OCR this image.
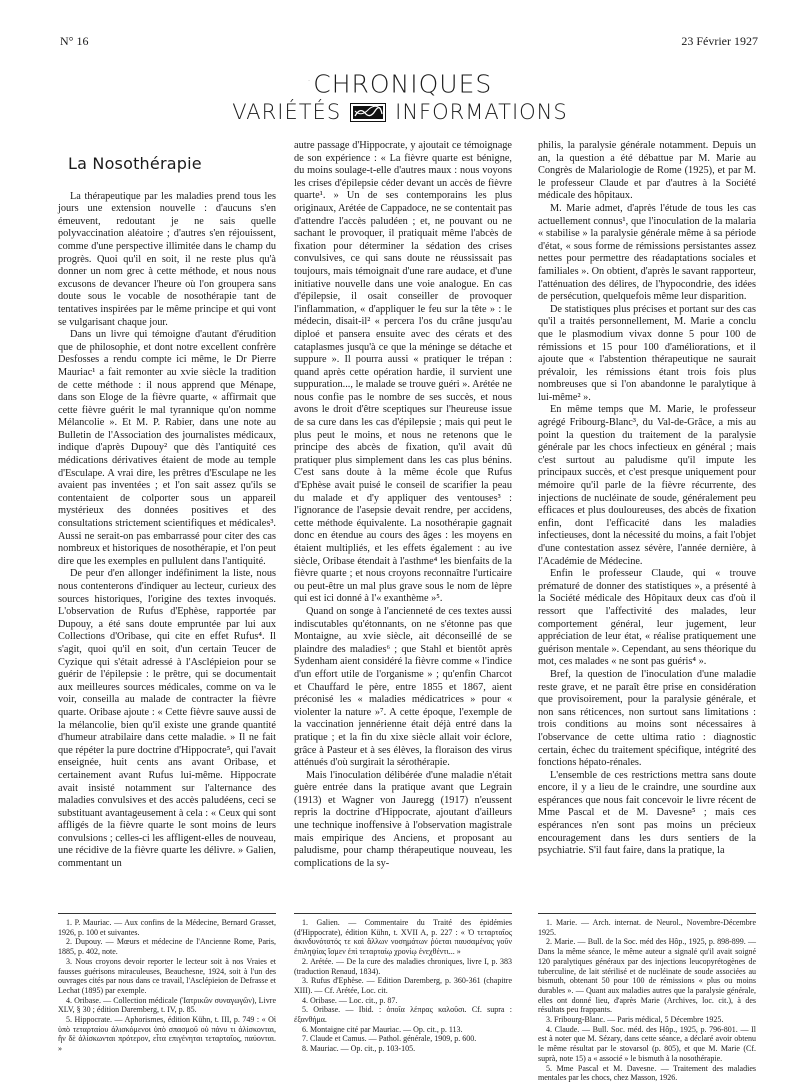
N° 16	23 Février 1927
·CHRONIQUES
VARIÉTÉS	INFORMATIONS
La Nosothérapie

La thérapeutique par les maladies prend tous les jours une extension nouvelle : d'aucuns s'en émeuvent, redoutant je ne sais quelle polyvaccination aléatoire ; d'autres s'en réjouissent, comme d'une perspective illimitée dans le champ du progrès. Quoi qu'il en soit, il ne reste plus qu'à donner un nom grec à cette méthode, et nous nous excusons de devancer l'heure où l'on groupera sans doute sous le vocable de nosothérapie tant de tentatives inspirées par le même principe et qui vont se vulgarisant chaque jour.

Dans un livre qui témoigne d'autant d'érudition que de philosophie, et dont notre excellent confrère Desfosses a rendu compte ici même, le Dr Pierre Mauriac¹ a fait remonter au xvie siècle la tradition de cette méthode : il nous apprend que Ménape, dans son Eloge de la fièvre quarte, « affirmait que cette fièvre guérit le mal tyrannique qu'on nomme Mélancolie ». Et M. P. Rabier, dans une note au Bulletin de l'Association des journalistes médicaux, indique d'après Dupouy² que dès l'antiquité ces médications dérivatives étaient de mode au temple d'Esculape. A vrai dire, les prêtres d'Esculape ne les avaient pas inventées ; et l'on sait assez qu'ils se contentaient de colporter sous un appareil mystérieux des données positives et des consultations strictement scientifiques et médicales³. Aussi ne serait-on pas embarrassé pour citer des cas nombreux et historiques de nosothérapie, et l'on peut dire que les exemples en pullulent dans l'antiquité.

De peur d'en allonger indéfiniment la liste, nous nous contenterons d'indiquer au lecteur, curieux des sources historiques, l'origine des textes invoqués. L'observation de Rufus d'Ephèse, rapportée par Dupouy, a été sans doute empruntée par lui aux Collections d'Oribase, qui cite en effet Rufus⁴. Il s'agit, quoi qu'il en soit, d'un certain Teucer de Cyzique qui s'était adressé à l'Asclépieion pour se guérir de l'épilepsie : le prêtre, qui se documentait aux meilleures sources médicales, comme on va le voir, conseilla au malade de contracter la fièvre quarte. Oribase ajoute : « Cette fièvre sauve aussi de la mélancolie, bien qu'il existe une grande quantité d'humeur atrabilaire dans cette maladie. » Il ne fait que répéter la pure doctrine d'Hippocrate⁵, qui l'avait enseignée, huit cents ans avant Oribase, et certainement avant Rufus lui-même. Hippocrate avait insisté notamment sur l'alternance des maladies convulsives et des accès paludéens, ceci se substituant avantageusement à cela : « Ceux qui sont affligés de la fièvre quarte le sont moins de leurs convulsions ; celles-ci les affligent-elles de nouveau, une récidive de la fièvre quarte les délivre. » Galien, commentant un

autre passage d'Hippocrate, y ajoutait ce témoignage de son expérience : « La fièvre quarte est bénigne, du moins soulage-t-elle d'autres maux : nous voyons les crises d'épilepsie céder devant un accès de fièvre quarte¹. » Un de ses contemporains les plus originaux, Arétée de Cappadoce, ne se contentait pas d'attendre l'accès paludéen ; et, ne pouvant ou ne sachant le provoquer, il pratiquait même l'abcès de fixation pour déterminer la sédation des crises convulsives, ce qui sans doute ne réussissait pas toujours, mais témoignait d'une rare audace, et d'une initiative nouvelle dans une voie analogue. En cas d'épilepsie, il osait conseiller de provoquer l'inflammation, « d'appliquer le feu sur la tête » : le médecin, disait-il² « percera l'os du crâne jusqu'au diploé et pansera ensuite avec des cérats et des cataplasmes jusqu'à ce que la méninge se détache et suppure ». Il pourra aussi « pratiquer le trépan : quand après cette opération hardie, il survient une suppuration..., le malade se trouve guéri ». Arétée ne nous confie pas le nombre de ses succès, et nous avons le droit d'être sceptiques sur l'heureuse issue de sa cure dans les cas d'épilepsie ; mais qui peut le plus peut le moins, et nous ne retenons que le principe des abcès de fixation, qu'il avait dû pratiquer plus simplement dans les cas plus bénins. C'est sans doute à la même école que Rufus d'Ephèse avait puisé le conseil de scarifier la peau du malade et d'y appliquer des ventouses³ : l'ignorance de l'asepsie devait rendre, per accidens, cette méthode équivalente. La nosothérapie gagnait donc en étendue au cours des âges : les moyens en étaient multipliés, et les effets également : au ive siècle, Oribase étendait à l'asthme⁴ les bienfaits de la fièvre quarte ; et nous croyons reconnaître l'urticaire ou peut-être un mal plus grave sous le nom de lèpre qui est ici donné à l'« exanthème »⁵.

Quand on songe à l'ancienneté de ces textes aussi indiscutables qu'étonnants, on ne s'étonne pas que Montaigne, au xvie siècle, ait déconseillé de se plaindre des maladies⁶ ; que Stahl et bientôt après Sydenham aient considéré la fièvre comme « l'indice d'un effort utile de l'organisme » ; qu'enfin Charcot et Chauffard le père, entre 1855 et 1867, aient préconisé les « maladies médicatrices » pour « violenter la nature »⁷. A cette époque, l'exemple de la vaccination jennérienne était déjà entré dans la pratique ; et la fin du xixe siècle allait voir éclore, grâce à Pasteur et à ses élèves, la floraison des virus atténués d'où surgirait la sérothérapie.

Mais l'inoculation délibérée d'une maladie n'était guère entrée dans la pratique avant que Legrain (1913) et Wagner von Jauregg (1917) n'eussent repris la doctrine d'Hippocrate, ajoutant d'ailleurs une technique inoffensive à l'observation magistrale mais empirique des Anciens, et proposant au paludisme, pour champ thérapeutique nouveau, les complications de la sy-

philis, la paralysie générale notamment. Depuis un an, la question a été débattue par M. Marie au Congrès de Malariologie de Rome (1925), et par M. le professeur Claude et par d'autres à la Société médicale des hôpitaux.

M. Marie admet, d'après l'étude de tous les cas actuellement connus¹, que l'inoculation de la malaria « stabilise » la paralysie générale même à sa période d'état, « sous forme de rémissions persistantes assez nettes pour permettre des réadaptations sociales et familiales ». On obtient, d'après le savant rapporteur, l'atténuation des délires, de l'hypocondrie, des idées de persécution, quelquefois même leur disparition.

De statistiques plus précises et portant sur des cas qu'il a traités personnellement, M. Marie a conclu que le plasmodium vivax donne 5 pour 100 de rémissions et 15 pour 100 d'améliorations, et il ajoute que « l'abstention thérapeutique ne saurait prévaloir, les rémissions étant trois fois plus nombreuses que si l'on abandonne le paralytique à lui-même² ».

En même temps que M. Marie, le professeur agrégé Fribourg-Blanc³, du Val-de-Grâce, a mis au point la question du traitement de la paralysie générale par les chocs infectieux en général ; mais c'est surtout au paludisme qu'il impute les principaux succès, et c'est presque uniquement pour mémoire qu'il parle de la fièvre récurrente, des injections de nucléinate de soude, généralement peu efficaces et plus douloureuses, des abcès de fixation enfin, dont l'efficacité dans les maladies infectieuses, dont la nécessité du moins, a fait l'objet d'une contestation assez sévère, l'année dernière, à l'Académie de Médecine.

Enfin le professeur Claude, qui « trouve prématuré de donner des statistiques », a présenté à la Société médicale des Hôpitaux deux cas d'où il ressort que l'affectivité des malades, leur comportement général, leur jugement, leur appréciation de leur état, « réalise pratiquement une guérison mentale ». Cependant, au sens théorique du mot, ces malades « ne sont pas guéris⁴ ».

Bref, la question de l'inoculation d'une maladie reste grave, et ne paraît être prise en considération que provisoirement, pour la paralysie générale, et non sans réticences, non surtout sans limitations : trois conditions au moins sont nécessaires à l'observance de cette ultima ratio : diagnostic certain, échec du traitement spécifique, intégrité des fonctions hépato-rénales.

L'ensemble de ces restrictions mettra sans doute encore, il y a lieu de le craindre, une sourdine aux espérances que nous fait concevoir le livre récent de Mme Pascal et de M. Davesne⁵ ; mais ces espérances n'en sont pas moins un précieux encouragement dans les durs sentiers de la psychiatrie. S'il faut faire, dans la pratique, la

1. P. Mauriac. — Aux confins de la Médecine, Bernard Grasset, 1926, p. 100 et suivantes.
2. Dupouy. — Mœurs et médecine de l'Ancienne Rome, Paris, 1885, p. 402, note.
3. Nous croyons devoir reporter le lecteur soit à nos Vraies et fausses guérisons miraculeuses, Beauchesne, 1924, soit à l'un des ouvrages cités par nous dans ce travail, l'Asclépieion de Defrasse et Lechat (1895) par exemple.
4. Oribase. — Collection médicale (Ἰατρικῶν συναγωγῶν), Livre XLV, § 30 ; édition Daremberg, t. IV, p. 85.
5. Hippocrate. — Aphorismes, édition Kühn, t. III, p. 749 : « Οἱ ὑπὸ τεταρταίου ἀλισκόμενοι ὑπὸ σπασμοῦ οὐ πάνυ τι ἁλίσκονται, ἢν δὲ ἁλίσκωνται πρότερον, εἶτα επιγένηται τεταρταῖος, παύονται. »
1. Galien. — Commentaire du Traité des épidémies (d'Hippocrate), édition Kühn, t. XVII A, p. 227 : « Ὁ τεταρταῖος ἀκινδυνότατός τε καὶ ἄλλων νοσημάτων ῥύεται παυσαμένας γοῦν ἐπιληψίας ἴσμεν ἐπὶ τεταρταίῳ χρονίῳ ἐνεχθέντι... »
2. Arétée. — De la cure des maladies chroniques, livre I, p. 383 (traduction Renaud, 1834).
3. Rufus d'Ephèse. — Edition Daremberg, p. 360-361 (chapitre XIII). — Cf. Arétée, Loc. cit.
4. Oribase. — Loc. cit., p. 87.
5. Oribase. — Ibid. : ὁποῖα λέπρας καλοῦσι. Cf. supra : ἐξανθήμα.
6. Montaigne cité par Mauriac. — Op. cit., p. 113.
7. Claude et Camus. — Pathol. générale, 1909, p. 600.
8. Mauriac. — Op. cit., p. 103-105.
1. Marie. — Arch. internat. de Neurol., Novembre-Décembre 1925.
2. Marie. — Bull. de la Soc. méd des Hôp., 1925, p. 898-899. — Dans la même séance, le même auteur a signalé qu'il avait soigné 120 paralytiques généraux par des injections leucopyrétogènes de tuberculine, de lait stérilisé et de nucléinate de soude associées au bismuth, obtenant 50 pour 100 de rémissions « plus ou moins durables ». — Quant aux maladies autres que la paralysie générale, elles ont donné lieu, d'après Marie (Archives, loc. cit.), à des résultats peu frappants.
3. Fribourg-Blanc. — Paris médical, 5 Décembre 1925.
4. Claude. — Bull. Soc. méd. des Hôp., 1925, p. 796-801. — Il est à noter que M. Sézary, dans cette séance, a déclaré avoir obtenu le même résultat par le stovarsol (p. 805), et que M. Marie (Cf. suprà, note 15) a « associé » le bismuth à la nosothérapie.
5. Mme Pascal et M. Davesne. — Traitement des maladies mentales par les chocs, chez Masson, 1926.
